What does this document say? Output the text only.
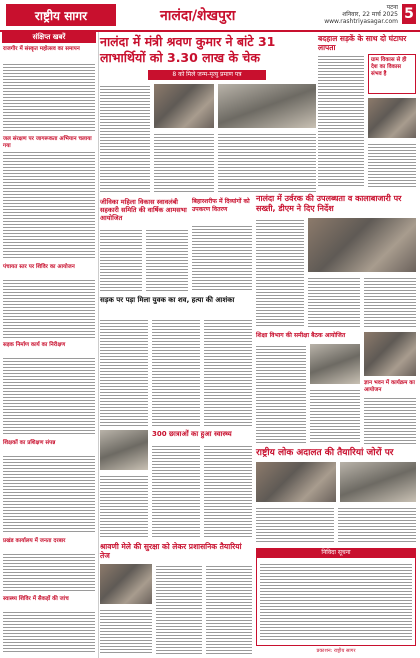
राष्ट्रीय सागर	नालंदा/शेखपुरा
पटना
शनिवार, 22 मार्च 2025
www.rashtriyasagar.com 5
संक्षिप्त खबरें
राजगीर में संस्कृत महोत्सव का समापन
जल संरक्षण पर जागरूकता अभियान चलाया गया
पंचायत स्तर पर शिविर का आयोजन
सड़क निर्माण कार्य का निरीक्षण
शिक्षकों का प्रशिक्षण संपन्न
प्रखंड कार्यालय में जनता दरबार
स्वास्थ्य शिविर में सैकड़ों की जांच
नालंदा में मंत्री श्रवण कुमार ने बांटे 31 लाभार्थियों को 3.30 लाख के चेक
8 को मिले जन्म-मृत्यु प्रमाण पत्र
बदहाल सड़कें के साथ दो घंटाघर लापता
ग्राम विकास से ही देश का विकास संभव है
नालंदा में उर्वरक की उपलब्धता व कालाबाजारी पर सख्ती, डीएम ने दिए निर्देश
जीविका महिला विकास स्वावलंबी सहकारी समिति की वार्षिक आमसभा आयोजित
बिहारशरीफ में दिव्यांगों को उपकरण वितरण
सड़क पर पड़ा मिला युवक का शव, हत्या की आशंका
शिक्षा विभाग की समीक्षा बैठक आयोजित
ज्ञान भवन में कार्यक्रम का आयोजन
300 छात्राओं का हुआ स्वास्थ्य
राष्ट्रीय लोक अदालत की तैयारियां जोरों पर
श्रावणी मेले की सुरक्षा को लेकर प्रशासनिक तैयारियां तेज	निविदा सूचना
प्रकाशन: राष्ट्रीय सागर
